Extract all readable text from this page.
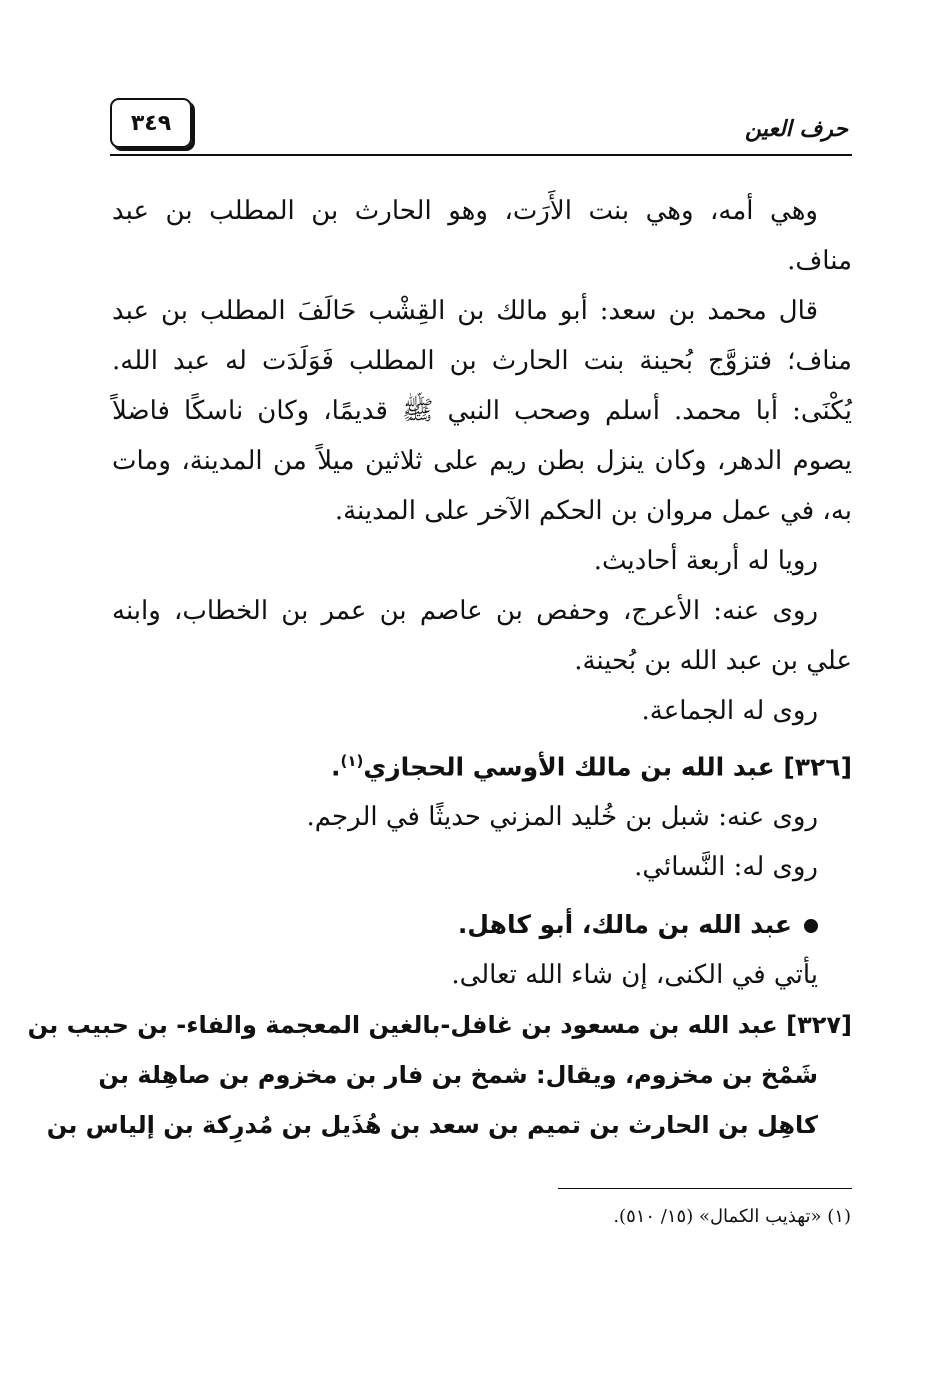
٣٤٩	حرف العين
وهي أمه، وهي بنت الأَرَت، وهو الحارث بن المطلب بن عبد
مناف.
قال محمد بن سعد: أبو مالك بن القِشْب حَالَفَ المطلب بن عبد
مناف؛ فتزوَّج بُحينة بنت الحارث بن المطلب فَوَلَدَت له عبد الله.
يُكْنَى: أبا محمد. أسلم وصحب النبي ﷺ قديمًا، وكان ناسكًا فاضلاً
يصوم الدهر، وكان ينزل بطن ريم على ثلاثين ميلاً من المدينة، ومات
به، في عمل مروان بن الحكم الآخر على المدينة.
رويا له أربعة أحاديث.
روى عنه: الأعرج، وحفص بن عاصم بن عمر بن الخطاب، وابنه
علي بن عبد الله بن بُحينة.
روى له الجماعة.
[٣٢٦] عبد الله بن مالك الأوسي الحجازي$^{(١)}$.
روى عنه: شبل بن خُليد المزني حديثًا في الرجم.
روى له: النَّسائي.
عبد الله بن مالك، أبو كاهل.
يأتي في الكنى، إن شاء الله تعالى.
[٣٢٧] عبد الله بن مسعود بن غافل-بالغين المعجمة والفاء- بن حبيب بن
شَمْخ بن مخزوم، ويقال: شمخ بن فار بن مخزوم بن صاهِلة بن
كاهِل بن الحارث بن تميم بن سعد بن هُذَيل بن مُدرِكة بن إلياس بن
(١) «تهذيب الكمال» (١٥/ ٥١٠).
